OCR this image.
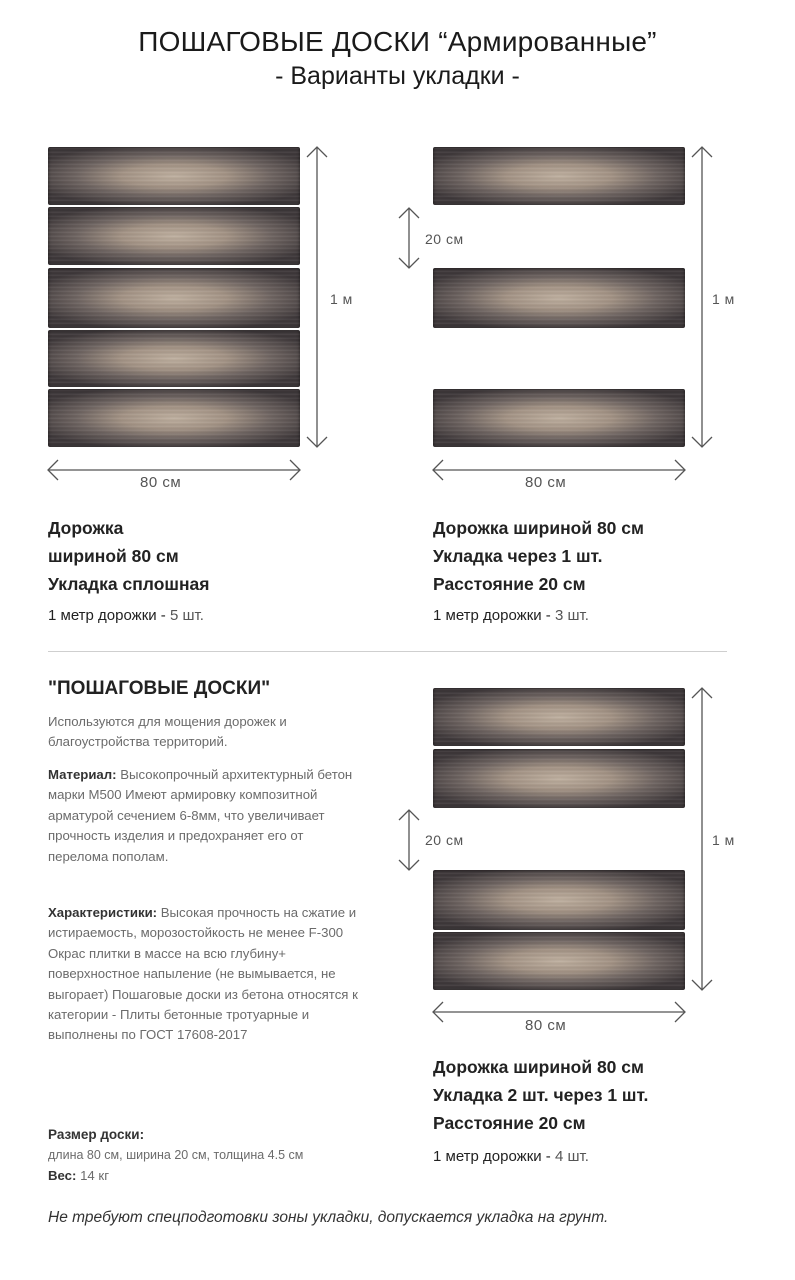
ПОШАГОВЫЕ ДОСКИ “Армированные”
- Варианты укладки -
1 м
80 см
Дорожка
шириной 80 см
Укладка сплошная
1 метр дорожки - 5 шт.
20 см
1 м
80 см
Дорожка шириной 80 см
Укладка через 1 шт.
Расстояние 20 см
1 метр дорожки - 3 шт.
"ПОШАГОВЫЕ ДОСКИ"
Используются для мощения дорожек и благоустройства территорий.
Материал: Высокопрочный архитектурный бетон марки М500 Имеют армировку композитной арматурой сечением 6-8мм, что увеличивает прочность изделия и предохраняет его от перелома пополам.
Характеристики: Высокая прочность на сжатие и истираемость, морозостойкость не менее F-300 Окрас плитки в массе на всю глубину+ поверхностное напыление (не вымывается, не выгорает) Пошаговые доски из бетона относятся к категории - Плиты бетонные тротуарные и выполнены по ГОСТ 17608-2017
Размер доски:
длина 80 см, ширина 20 см, толщина 4.5 см
Вес: 14 кг
20 см	1 м
80 см
Дорожка шириной 80 см
Укладка 2 шт. через 1 шт.
Расстояние 20 см
1 метр дорожки - 4 шт.
Не требуют спецподготовки зоны укладки, допускается укладка на грунт.
